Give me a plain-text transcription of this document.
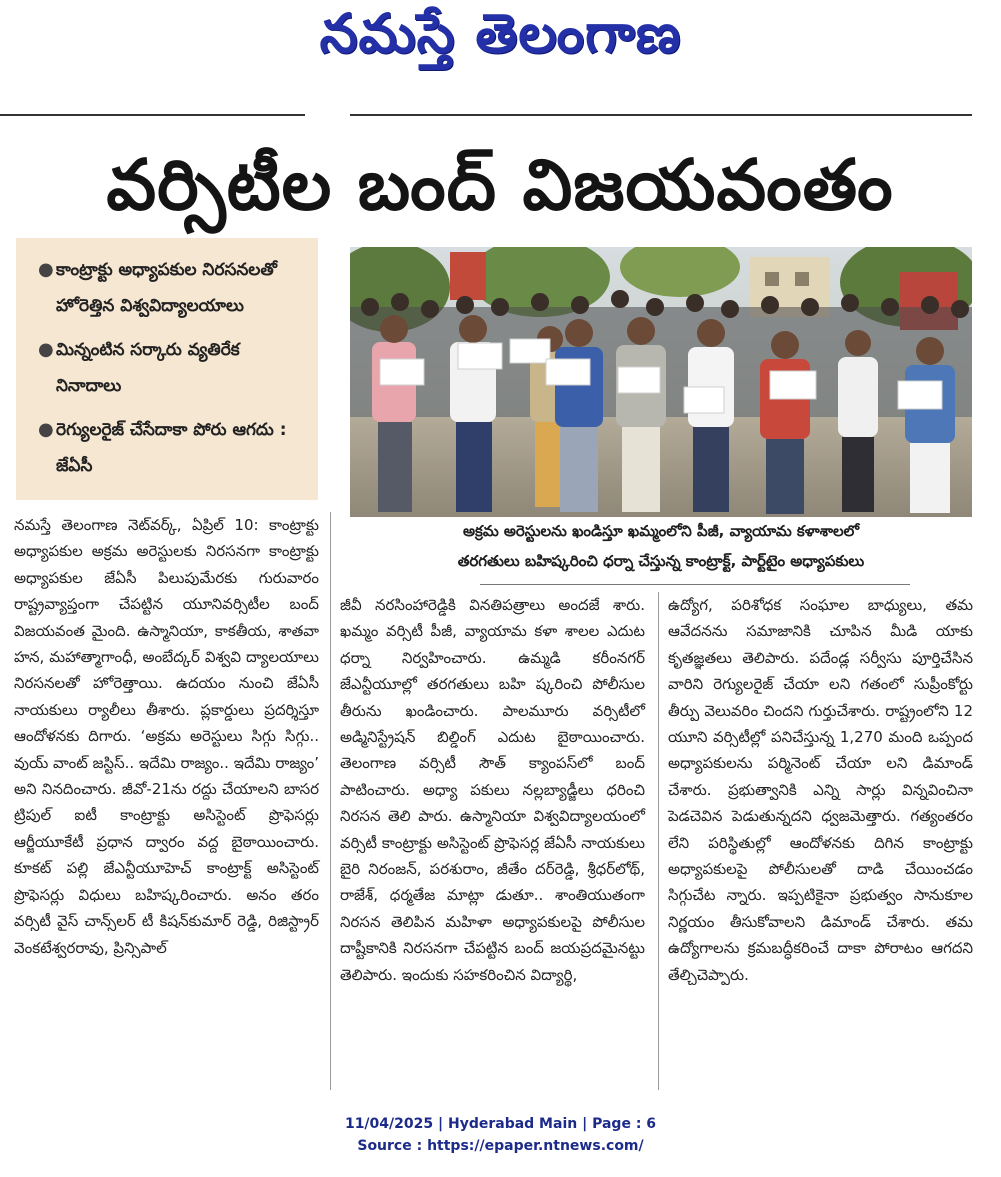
నమస్తే తెలంగాణ
వర్సిటీల బంద్ విజయవంతం
● కాంట్రాక్టు అధ్యాపకుల నిరసనలతో హోరెత్తిన విశ్వవిద్యాలయాలు
● మిన్నంటిన సర్కారు వ్యతిరేక నినాదాలు
● రెగ్యులరైజ్ చేసేదాకా పోరు ఆగదు : జేఏసీ
అక్రమ అరెస్టులను ఖండిస్తూ ఖమ్మంలోని పీజీ, వ్యాయామ కళాశాలలో
తరగతులు బహిష్కరించి ధర్నా చేస్తున్న కాంట్రాక్ట్, పార్ట్‌టైం అధ్యాపకులు

నమస్తే తెలంగాణ నెట్‌వర్క్, ఏప్రిల్ 10: కాంట్రాక్టు అధ్యాపకుల అక్రమ అరెస్టులకు నిరసనగా కాంట్రాక్టు అధ్యాపకుల జేఏసీ పిలుపుమేరకు గురువారం రాష్ట్రవ్యాప్తంగా చేపట్టిన యూనివర్సిటీల బంద్ విజయవంత మైంది. ఉస్మానియా, కాకతీయ, శాతవా హన, మహాత్మాగాంధీ, అంబేద్కర్ విశ్వవి ద్యాలయాలు నిరసనలతో హోరెత్తాయి. ఉదయం నుంచి జేఏసీ నాయకులు ర్యాలీలు తీశారు. ప్లకార్డులు ప్రదర్శిస్తూ ఆందోళనకు దిగారు. ‘అక్రమ అరెస్టులు సిగ్గు సిగ్గు.. వుయ్ వాంట్ జస్టిస్.. ఇదేమి రాజ్యం.. ఇదేమి రాజ్యం’ అని నినదించారు. జీవో-21ను రద్దు చేయాలని బాసర ట్రిపుల్ ఐటీ కాంట్రాక్టు అసిస్టెంట్ ప్రొఫెసర్లు ఆర్జీయూకేటీ ప్రధాన ద్వారం వద్ద బైఠాయించారు. కూకట్ పల్లి జేఎన్టీయూహెచ్ కాంట్రాక్ట్ అసిస్టెంట్ ప్రొఫెసర్లు విధులు బహిష్కరించారు. అనం తరం వర్సిటీ వైస్ చాన్స్‌లర్ టీ కిషన్‌కుమార్ రెడ్డి, రిజిస్ట్రార్ వెంకటేశ్వరరావు, ప్రిన్సిపాల్

జీవీ నరసింహారెడ్డికి వినతిపత్రాలు అందజే శారు. ఖమ్మం వర్సిటీ పీజీ, వ్యాయామ కళా శాలల ఎదుట ధర్నా నిర్వహించారు. ఉమ్మడి కరీంనగర్ జేఎన్టీయూల్లో తరగతులు బహి ష్కరించి పోలీసుల తీరును ఖండించారు. పాలమూరు వర్సిటీలో అడ్మినిస్ట్రేషన్ బిల్డింగ్ ఎదుట బైఠాయించారు. తెలంగాణ వర్సిటీ సౌత్ క్యాంపస్‌లో బంద్ పాటించారు. అధ్యా పకులు నల్లబ్యాడ్జీలు ధరించి నిరసన తెలి పారు. ఉస్మానియా విశ్వవిద్యాలయంలో వర్సిటీ కాంట్రాక్టు అసిస్టెంట్ ప్రొఫెసర్ల జేఏసీ నాయకులు బైరి నిరంజన్, పరశురాం, జీతేం దర్‌రెడ్డి, శ్రీధర్‌లోథ్, రాజేశ్, ధర్మతేజ మాట్లా డుతూ.. శాంతియుతంగా నిరసన తెలిపిన మహిళా అధ్యాపకులపై పోలీసుల దాష్టీకానికి నిరసనగా చేపట్టిన బంద్ జయప్రదమైనట్టు తెలిపారు. ఇందుకు సహకరించిన విద్యార్థి,

ఉద్యోగ, పరిశోధక సంఘాల బాధ్యులు, తమ ఆవేదనను సమాజానికి చూపిన మీడి యాకు కృతజ్ఞతలు తెలిపారు. పదేండ్ల సర్వీసు పూర్తిచేసిన వారిని రెగ్యులరైజ్ చేయా లని గతంలో సుప్రీంకోర్టు తీర్పు వెలువరిం చిందని గుర్తుచేశారు. రాష్ట్రంలోని 12 యూని వర్సిటీల్లో పనిచేస్తున్న 1,270 మంది ఒప్పంద అధ్యాపకులను పర్మినెంట్ చేయా లని డిమాండ్ చేశారు. ప్రభుత్వానికి ఎన్ని సార్లు విన్నవించినా పెడచెవిన పెడుతున్నదని ధ్వజమెత్తారు. గత్యంతరం లేని పరిస్థితుల్లో ఆందోళనకు దిగిన కాంట్రాక్టు అధ్యాపకులపై పోలీసులతో దాడి చేయించడం సిగ్గుచేట న్నారు. ఇప్పటికైనా ప్రభుత్వం సానుకూల నిర్ణయం తీసుకోవాలని డిమాండ్ చేశారు. తమ ఉద్యోగాలను క్రమబద్ధీకరించే దాకా పోరాటం ఆగదని తేల్చిచెప్పారు.

11/04/2025 | Hyderabad Main | Page : 6
Source : https://epaper.ntnews.com/
